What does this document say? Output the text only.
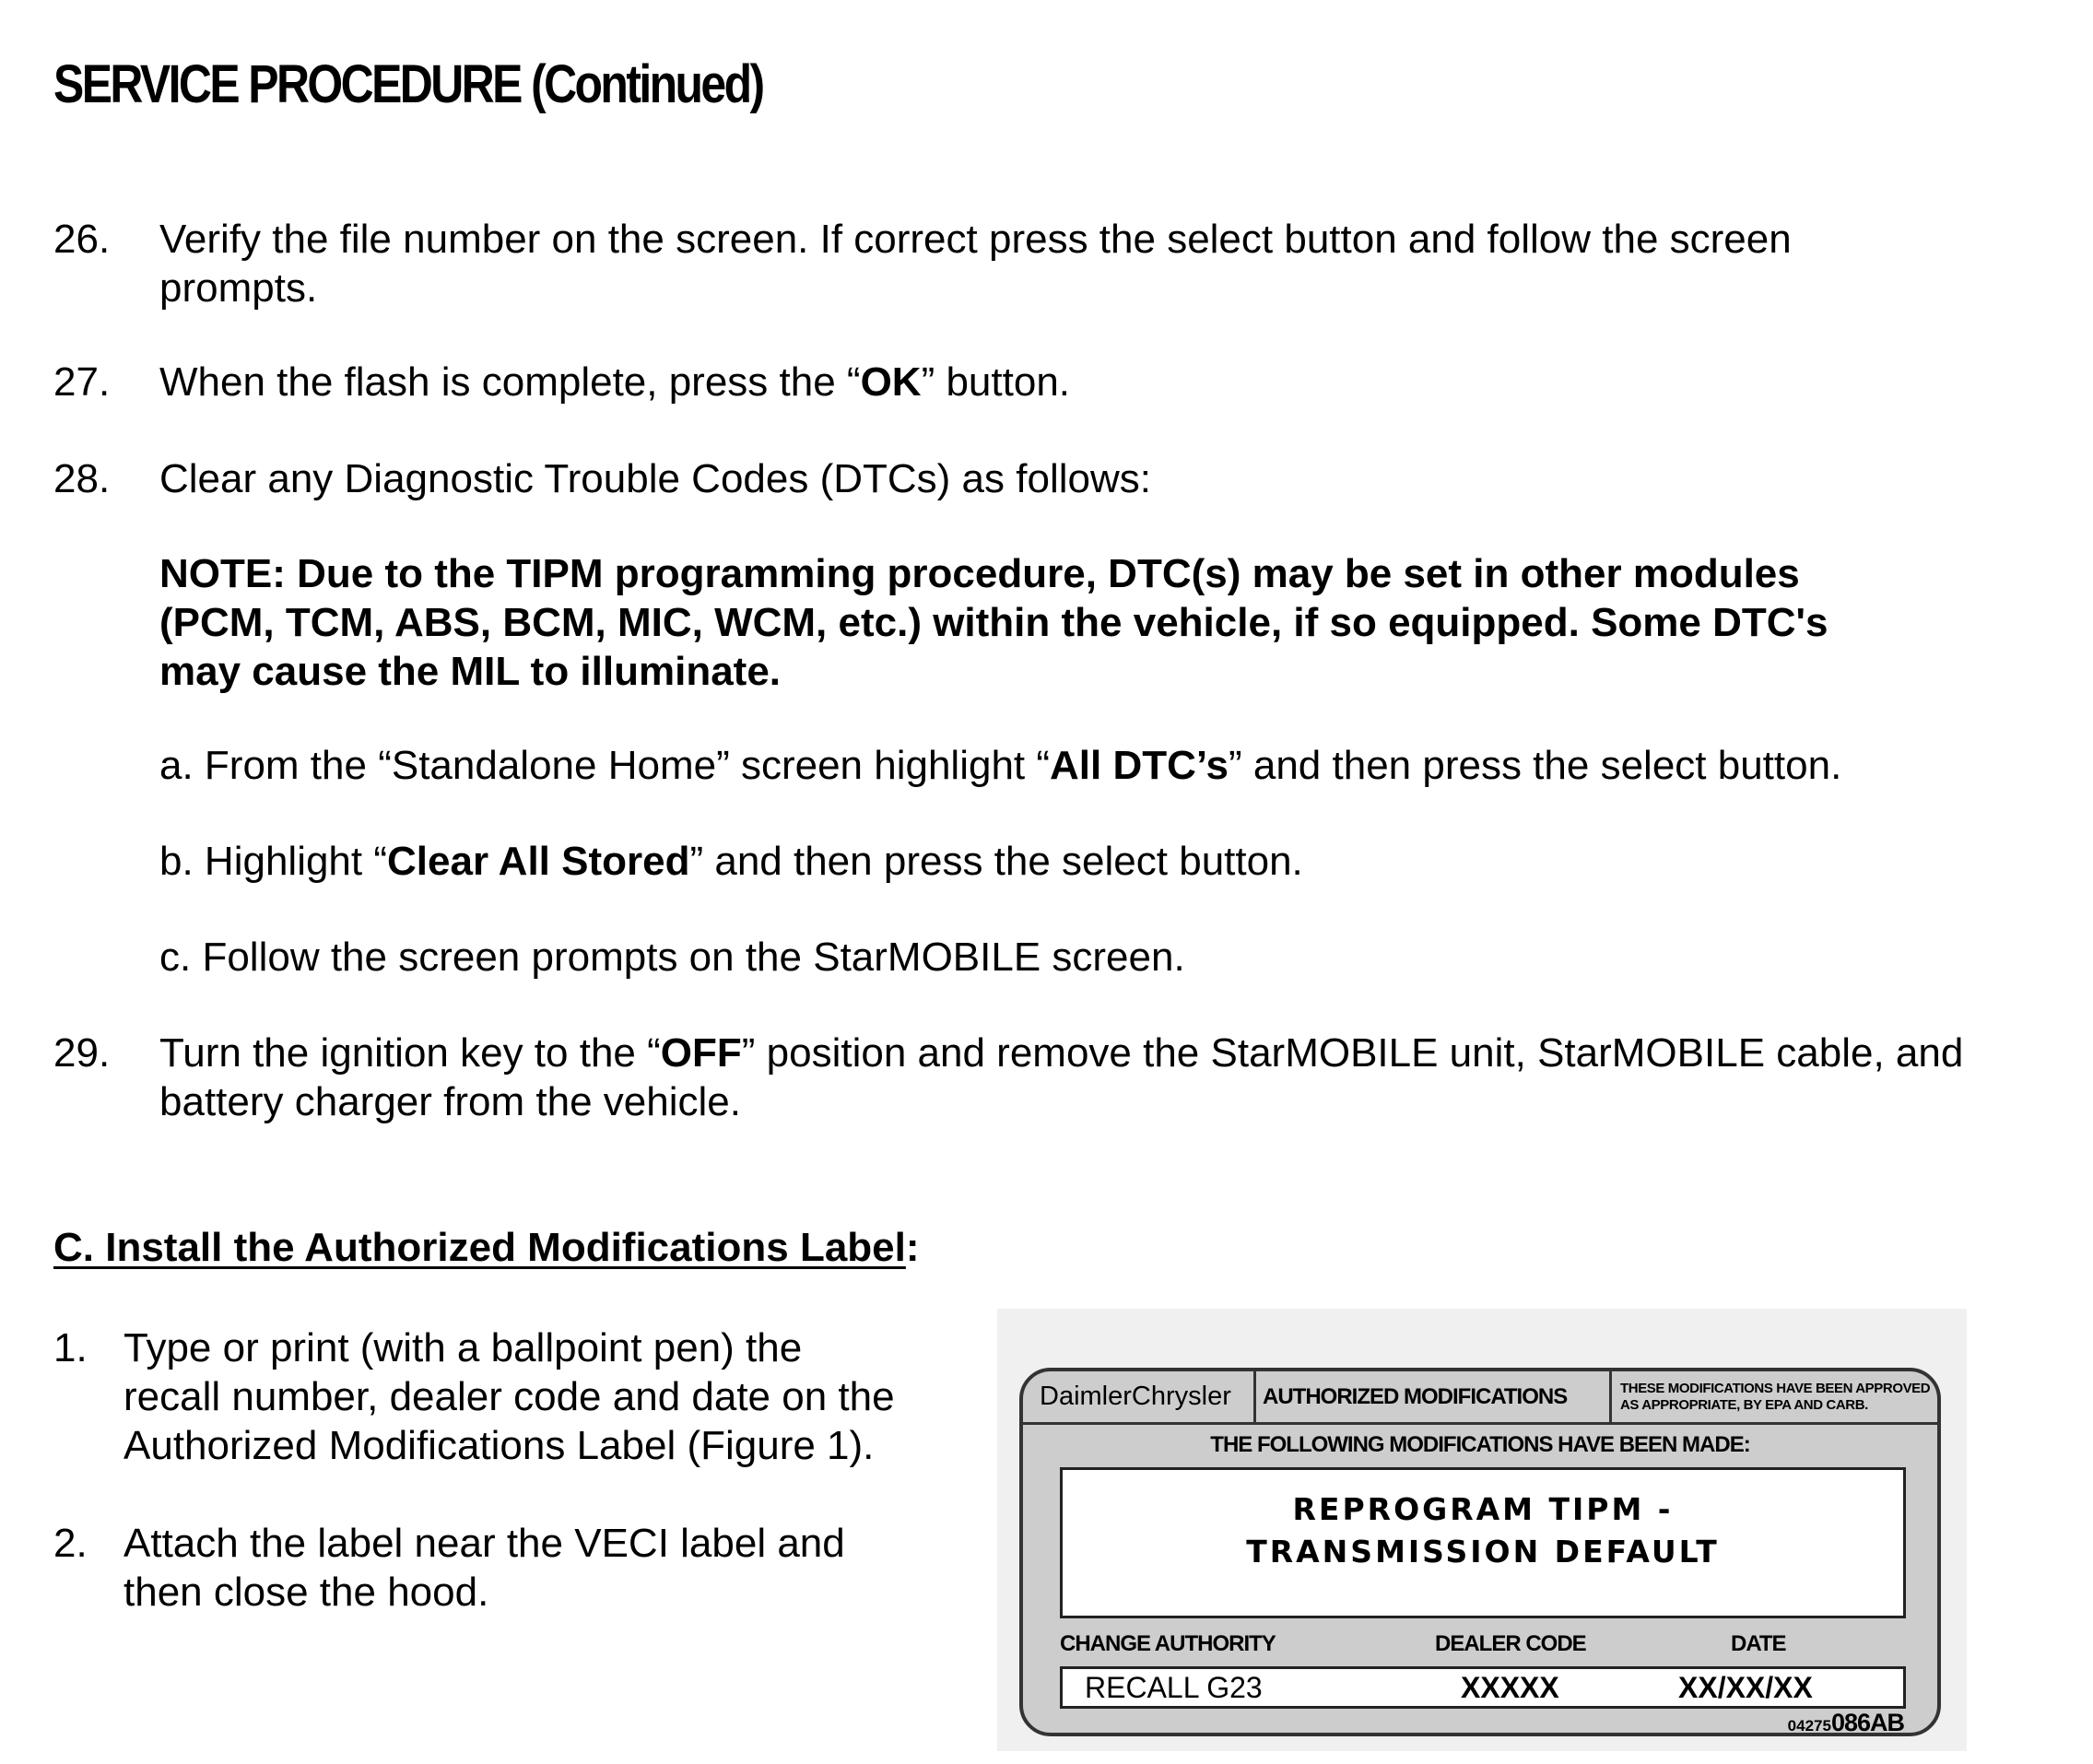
SERVICE PROCEDURE (Continued)
26. Verify the file number on the screen. If correct press the select button and follow the screen
prompts.
27. When the flash is complete, press the “OK” button.
28. Clear any Diagnostic Trouble Codes (DTCs) as follows:
NOTE: Due to the TIPM programming procedure, DTC(s) may be set in other modules
(PCM, TCM, ABS, BCM, MIC, WCM, etc.) within the vehicle, if so equipped. Some DTC's
may cause the MIL to illuminate.
a. From the “Standalone Home” screen highlight “All DTC’s” and then press the select button.
b. Highlight “Clear All Stored” and then press the select button.
c. Follow the screen prompts on the StarMOBILE screen.
29. Turn the ignition key to the “OFF” position and remove the StarMOBILE unit, StarMOBILE cable, and
battery charger from the vehicle.
C. Install the Authorized Modifications Label:
1. Type or print (with a ballpoint pen) the
recall number, dealer code and date on the
Authorized Modifications Label (Figure 1).
2. Attach the label near the VECI label and
then close the hood.
DaimlerChrysler	AUTHORIZED MODIFICATIONS	THESE MODIFICATIONS HAVE BEEN APPROVED
AS APPROPRIATE, BY EPA AND CARB.
THE FOLLOWING MODIFICATIONS HAVE BEEN MADE:
REPROGRAM TIPM -
TRANSMISSION DEFAULT
CHANGE AUTHORITY	DEALER CODE	DATE
RECALL G23	XXXXX	XX/XX/XX
04275086AB
